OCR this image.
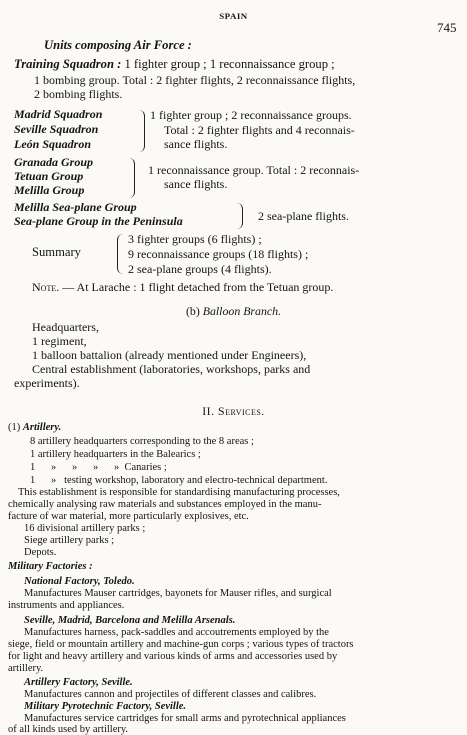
SPAIN
745
Units composing Air Force :
Training Squadron : 1 fighter group ; 1 reconnaissance group ;
1 bombing group. Total : 2 fighter flights, 2 reconnaissance flights,
2 bombing flights.
Madrid Squadron
Seville Squadron
León Squadron
1 fighter group ; 2 reconnaissance groups.
Total : 2 fighter flights and 4 reconnais-
sance flights.
Granada Group
Tetuan Group
Melilla Group
1 reconnaissance group. Total : 2 reconnais-
sance flights.
Melilla Sea-plane Group
Sea-plane Group in the Peninsula	2 sea-plane flights.
Summary
3 fighter groups (6 flights) ;
9 reconnaissance groups (18 flights) ;
2 sea-plane groups (4 flights).
Note. — At Larache : 1 flight detached from the Tetuan group.
(b) Balloon Branch.
Headquarters,
1 regiment,
1 balloon battalion (already mentioned under Engineers),
Central establishment (laboratories, workshops, parks and
experiments).
II. Services.
(1) Artillery.
8 artillery headquarters corresponding to the 8 areas ;
1 artillery headquarters in the Balearics ;
1      »      »      »      »  Canaries ;
1      »   testing workshop, laboratory and electro-technical department.
This establishment is responsible for standardising manufacturing processes,
chemically analysing raw materials and substances employed in the manu-
facture of war material, more particularly explosives, etc.
16 divisional artillery parks ;
Siege artillery parks ;
Depots.
Military Factories :
National Factory, Toledo.
Manufactures Mauser cartridges, bayonets for Mauser rifles, and surgical
instruments and appliances.
Seville, Madrid, Barcelona and Melilla Arsenals.
Manufactures harness, pack-saddles and accoutrements employed by the
siege, field or mountain artillery and machine-gun corps ; various types of tractors
for light and heavy artillery and various kinds of arms and accessories used by
artillery.
Artillery Factory, Seville.
Manufactures cannon and projectiles of different classes and calibres.
Military Pyrotechnic Factory, Seville.
Manufactures service cartridges for small arms and pyrotechnical appliances
of all kinds used by artillery.
